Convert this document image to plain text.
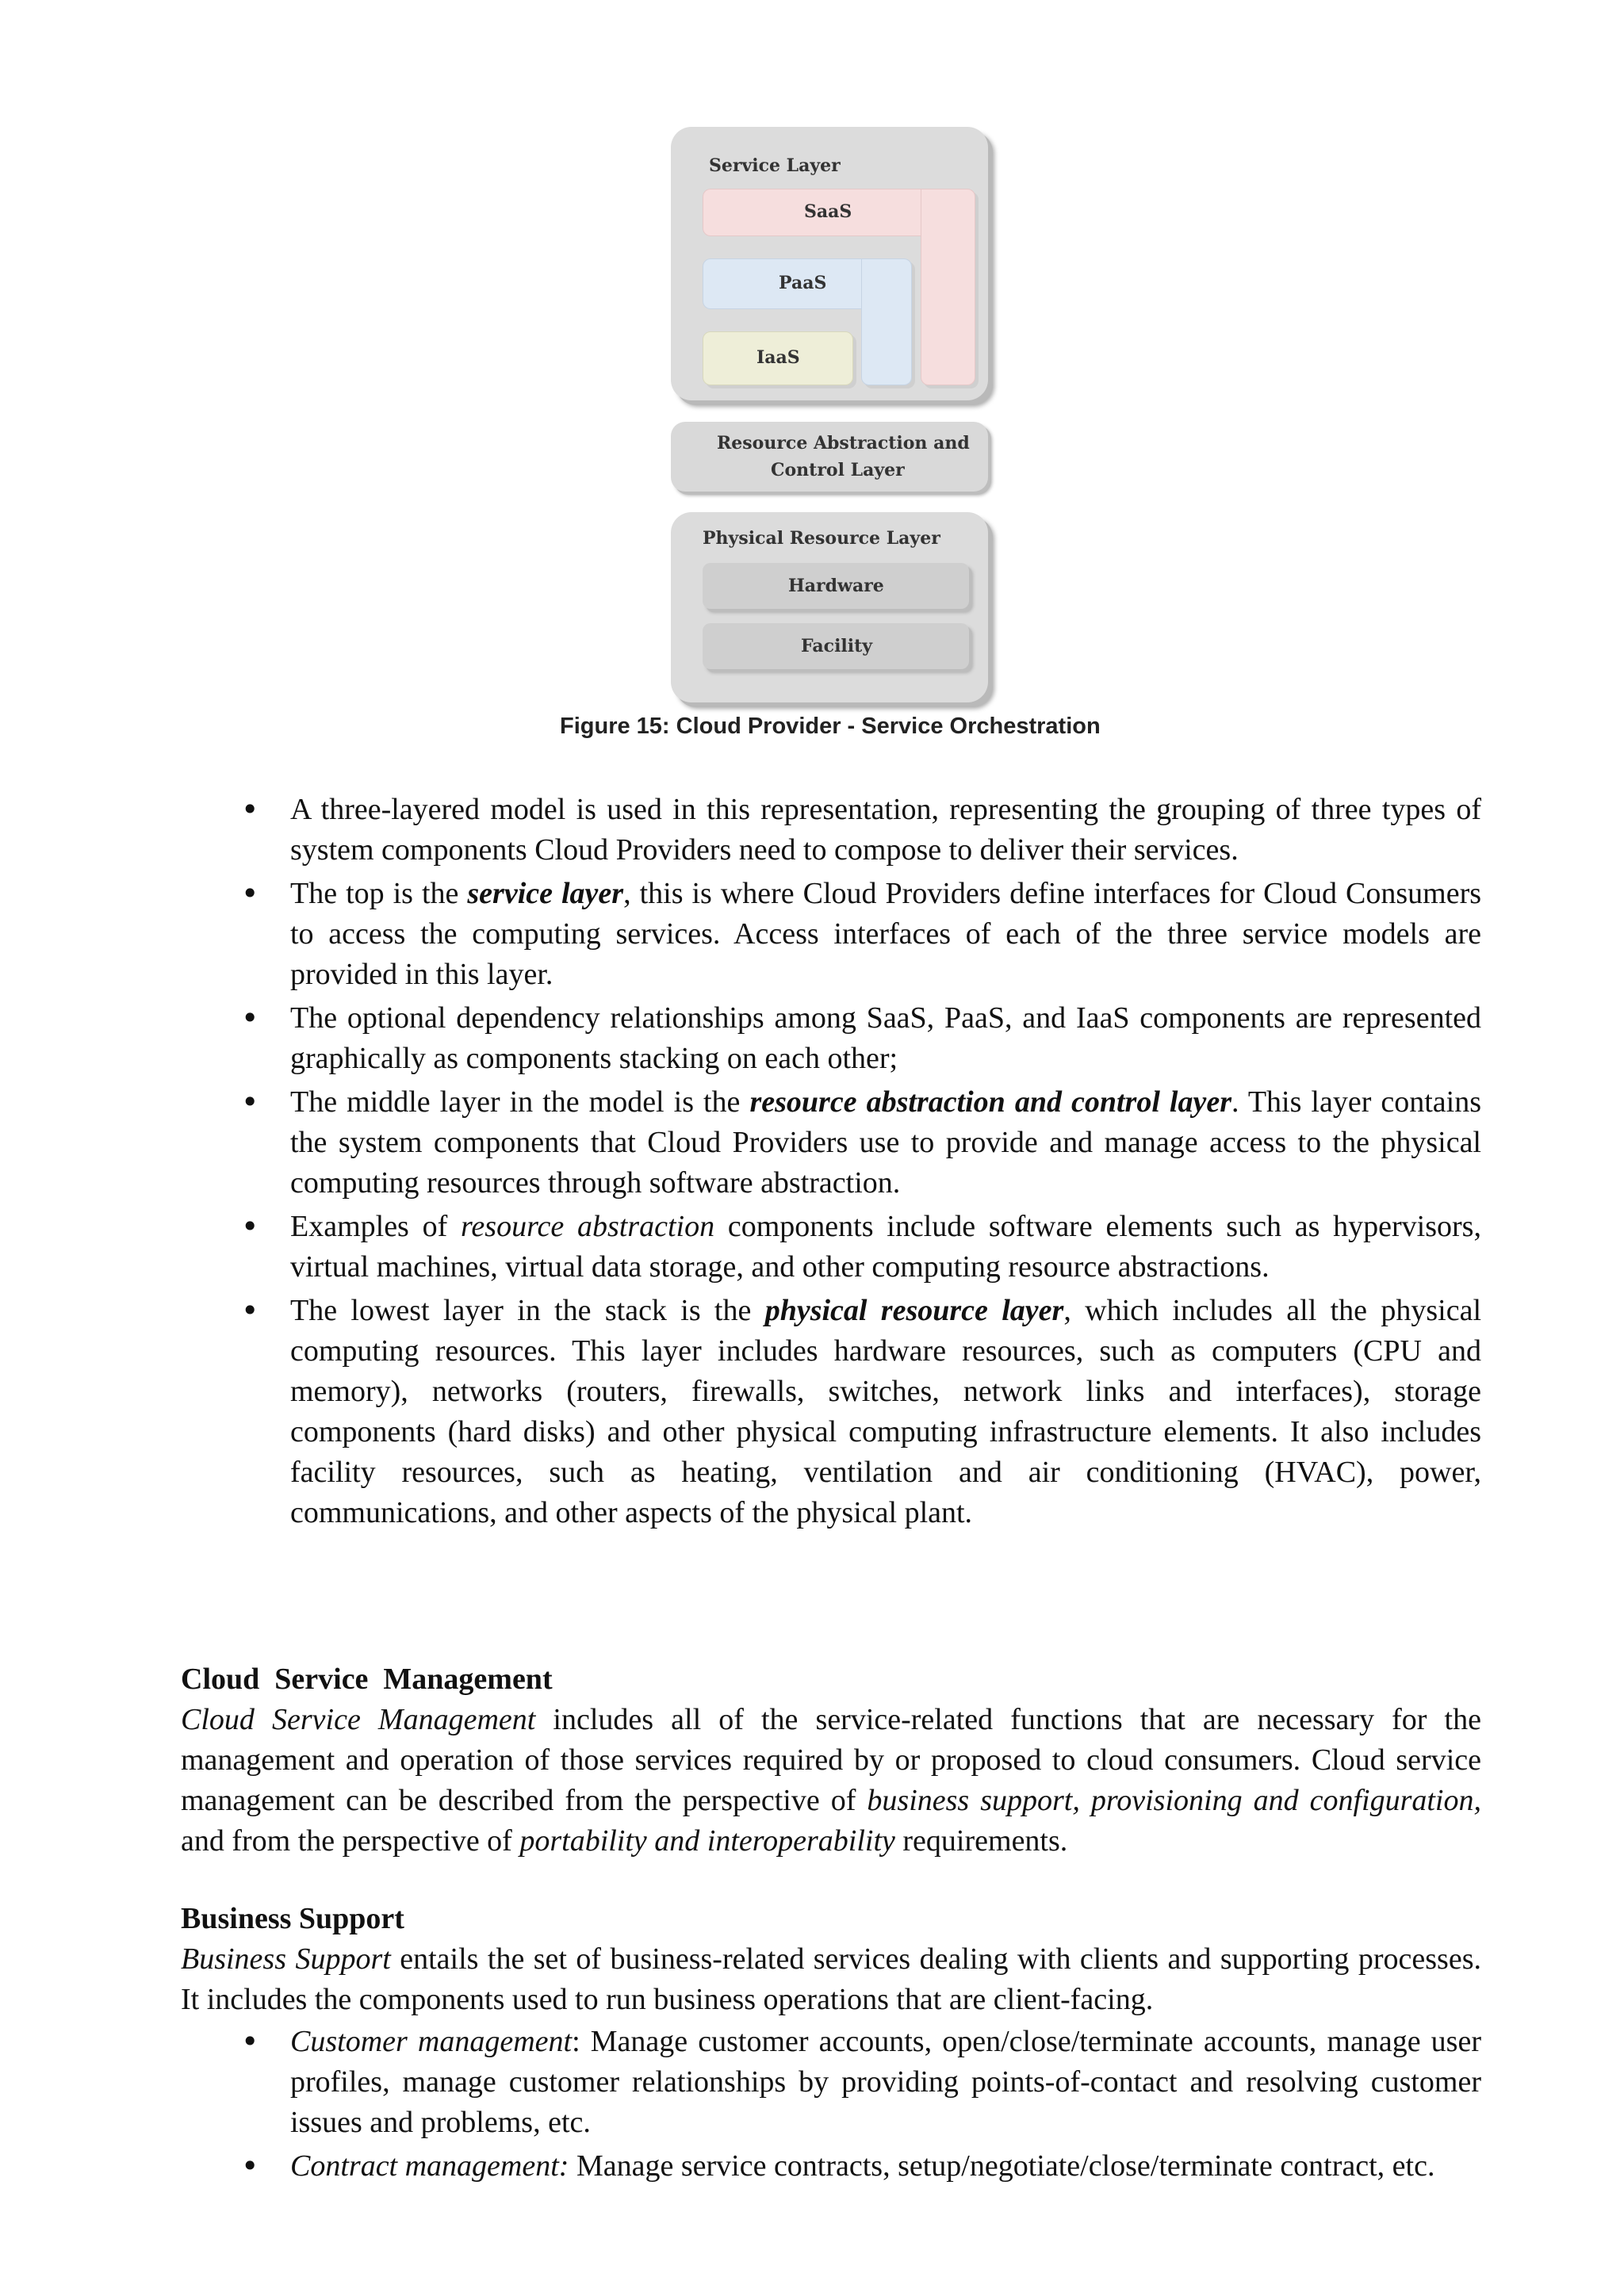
Service Layer
SaaS
PaaS
IaaS
Resource Abstraction and
Control Layer
Physical Resource Layer
Hardware
Facility
Figure 15: Cloud Provider - Service Orchestration
• A three-layered model is used in this representation, representing the grouping of three types of system components Cloud Providers need to compose to deliver their services.
• The top is the service layer, this is where Cloud Providers define interfaces for Cloud Consumers to access the computing services. Access interfaces of each of the three service models are provided in this layer.
• The optional dependency relationships among SaaS, PaaS, and IaaS components are represented graphically as components stacking on each other;
• The middle layer in the model is the resource abstraction and control layer. This layer contains the system components that Cloud Providers use to provide and manage access to the physical computing resources through software abstraction.
• Examples of resource abstraction components include software elements such as hypervisors, virtual machines, virtual data storage, and other computing resource abstractions.
• The lowest layer in the stack is the physical resource layer, which includes all the physical computing resources. This layer includes hardware resources, such as computers (CPU and memory), networks (routers, firewalls, switches, network links and interfaces), storage components (hard disks) and other physical computing infrastructure elements. It also includes facility resources, such as heating, ventilation and air conditioning (HVAC), power, communications, and other aspects of the physical plant.
Cloud  Service  Management
Cloud Service Management includes all of the service-related functions that are necessary for the management and operation of those services required by or proposed to cloud consumers. Cloud service management can be described from the perspective of business support, provisioning and configuration, and from the perspective of portability and interoperability requirements.
Business Support
Business Support entails the set of business-related services dealing with clients and supporting processes. It includes the components used to run business operations that are client-facing.
• Customer management: Manage customer accounts, open/close/terminate accounts, manage user profiles, manage customer relationships by providing points-of-contact and resolving customer issues and problems, etc.
• Contract management: Manage service contracts, setup/negotiate/close/terminate contract, etc.
